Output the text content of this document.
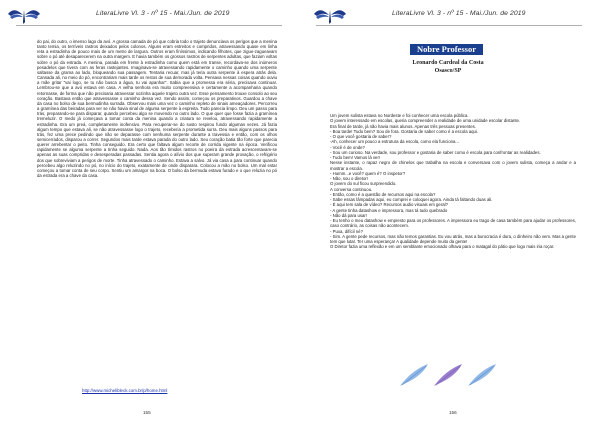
LiteraLivre Vl. 3 - nº 15 - Mai./Jun. de 2019

do pai, do outro, o imenso lago da avó. A grossa camada de pó que cobria todo o trajeto denunciava os perigos que a menina tanto temia, os terríveis rastros deixados pelos colonos. Alguns eram estreitos e compridos, atravessando quase em linha reta a estradinha de pouco mais de um metro de largura. Outros eram finíssimos, indicando filhotes, que zigue-zagueavam sobre o pó até desaparecerem na outra margem. E havia também os grossos rastros de serpentes adultas, que faziam voltas sobre o pó da estrada. A menina, parada em frente à estradinha como quem está em transe, recordava-se dos inúmeros pesadelos que tivera com as feras rastejantes. Imaginava-se atravessando rapidamente o caminho quando uma serpente saltasse da grama ao lado, bloqueando sua passagem. Tentaria recuar, mas já teria outra serpente à espera atrás dela. Cansada ali, no meio do pó, encontrariam mais tarde os restos de sua demorada volta. Pensava nessas coisas quando ouviu a mãe gritar "vai logo, se tu não busca a água, tu vai apanhar". Sabia que a promessa era séria, precisava continuar. Lembrou-se que a avó estava em casa. A velha senhora era muito compreensiva e certamente a acompanharia quando retornasse, de forma que não precisaria atravessar sozinha aquele trajeto outra vez. Esse pensamento trouxe consolo ao seu coração. Bastava então que atravessasse o caminho dessa vez. Sendo assim, começou os preparativos. Guardou a chave da casa no bolso de sua bermudinha surrada. Observou mais uma vez o caminho repleto de sinais ameaçadores. Percorreu a gramínea das beiradas para ver se não havia sinal de alguma serpente à espreita. Tudo parecia limpo. Deu um passo para trás, preparando-se para disparar, quando percebeu algo se movendo no outro lado. O que quer que fosse fazia a gramínea tremeluzir. O medo já começava a tomar conta da menina quando a criatura se revelou, atravessando rapidamente a estradinha. Era um preá, completamente inofensivo. Para recuperar-se do susto respirou fundo algumas vezes. Já fazia algum tempo que estava ali, se não atravessasse logo o trajeto, receberia a prometida surra. Deu mais alguns passos para trás, fez uma prece pedindo que não se deparasse com nenhuma serpente durante a travessia e então, com os olhos semicerrados, disparou a correr. Segundos mais tarde estava parada do outro lado. Seu coração batia tão forte que parecia querer arrebentar o peito. Tinha conseguido. Era certo que faltava algum recorte de corrida vigente na época. Verificou rapidamente se alguma serpente a tinha seguido. Nada. Aos tão tímidos rastros no poeira da estrada acrescentavam-se apenas as suas compridas e desesperadas passadas. Sentia agora o alívio dos que superam grande provação, o refrigério dos que sobreviviam a perigos de morte. Tinha atravessado o caminho. Estava a salvo. Já via casa a para continuar quando percebeu algo reluzindo no pó, no início do trajeto, exatamente de onde disparara. Colocou a mão no bolso. Um mal estar começou a tomar conta de seu corpo. Sentiu um amargor na boca. O bolso da bermuda estava furado e o que reluzia no pó da estrada era a chave da casa.

http://www.michelibleck.com.br/p/home.html
155
LiteraLivre Vl. 3 - nº 15 - Mai./Jun. de 2019
Nobre Professor
Leonardo Cardeal da Costa
Osasco/SP

Um jovem sulista estava no Nordeste e foi conhecer uma escola pública.

O jovem interessado em escolas, queria compreender a realidade de uma unidade escolar distante.

Era final de tarde, já não havia mais alunos. Apenas três pessoas presentes.

- Boa tarde! Tudo bem? Sou de fora. Gostaria de saber como é a escola aqui.

- O que você gostaria de saber?

-Ah, conhecer um pouco a estrutura da escola, como ela funciona...

- Você é de onde?

- Sou um curioso. Na verdade, sou professor e gostaria de saber como é escola para confrontar as realidades.

- Tudo bem! Vamos lá ver!

Nesse instante, o rapaz negro de chinelos que trabalha na escola e conversava com o jovem sulista, começa a andar e a mostrar a escola.

- Humm...e você? quem é? O inspetor?

- Não, sou o diretor!

O jovem do sul ficou surpreendido.

A conversa continuou.

- Então, como é a questão de recursos aqui na escola?

- Sabe essas lâmpadas aqui, eu comprei e coloquei agora. Ainda tá faltando duas ali.

- É aqui tem sala de vídeo? Recursos audio visuais em geral?

- A gente tinha datashow e impressora, mas tá tudo quebrado

- Não dá para usar!

- Eu tenho o meu datashow e empresto para os professores. A impressora eu trago de casa também para ajudar os professores, caso contrário, as coisas não acontecem.

- Puxa, difícil né?

- Sim. A gente pede recursos, mas não temos garantias. Eu vou atrás, mas a burocracia é dura, o dinheiro não vem. Mas a gente tem que lutar. Ter uma esperança! A qualidade depende muito da gente!

O Diretor fazia uma reflexão e em um semblante emocionado olhava para o matagal do pátio que logo mais iria roçar.

156
